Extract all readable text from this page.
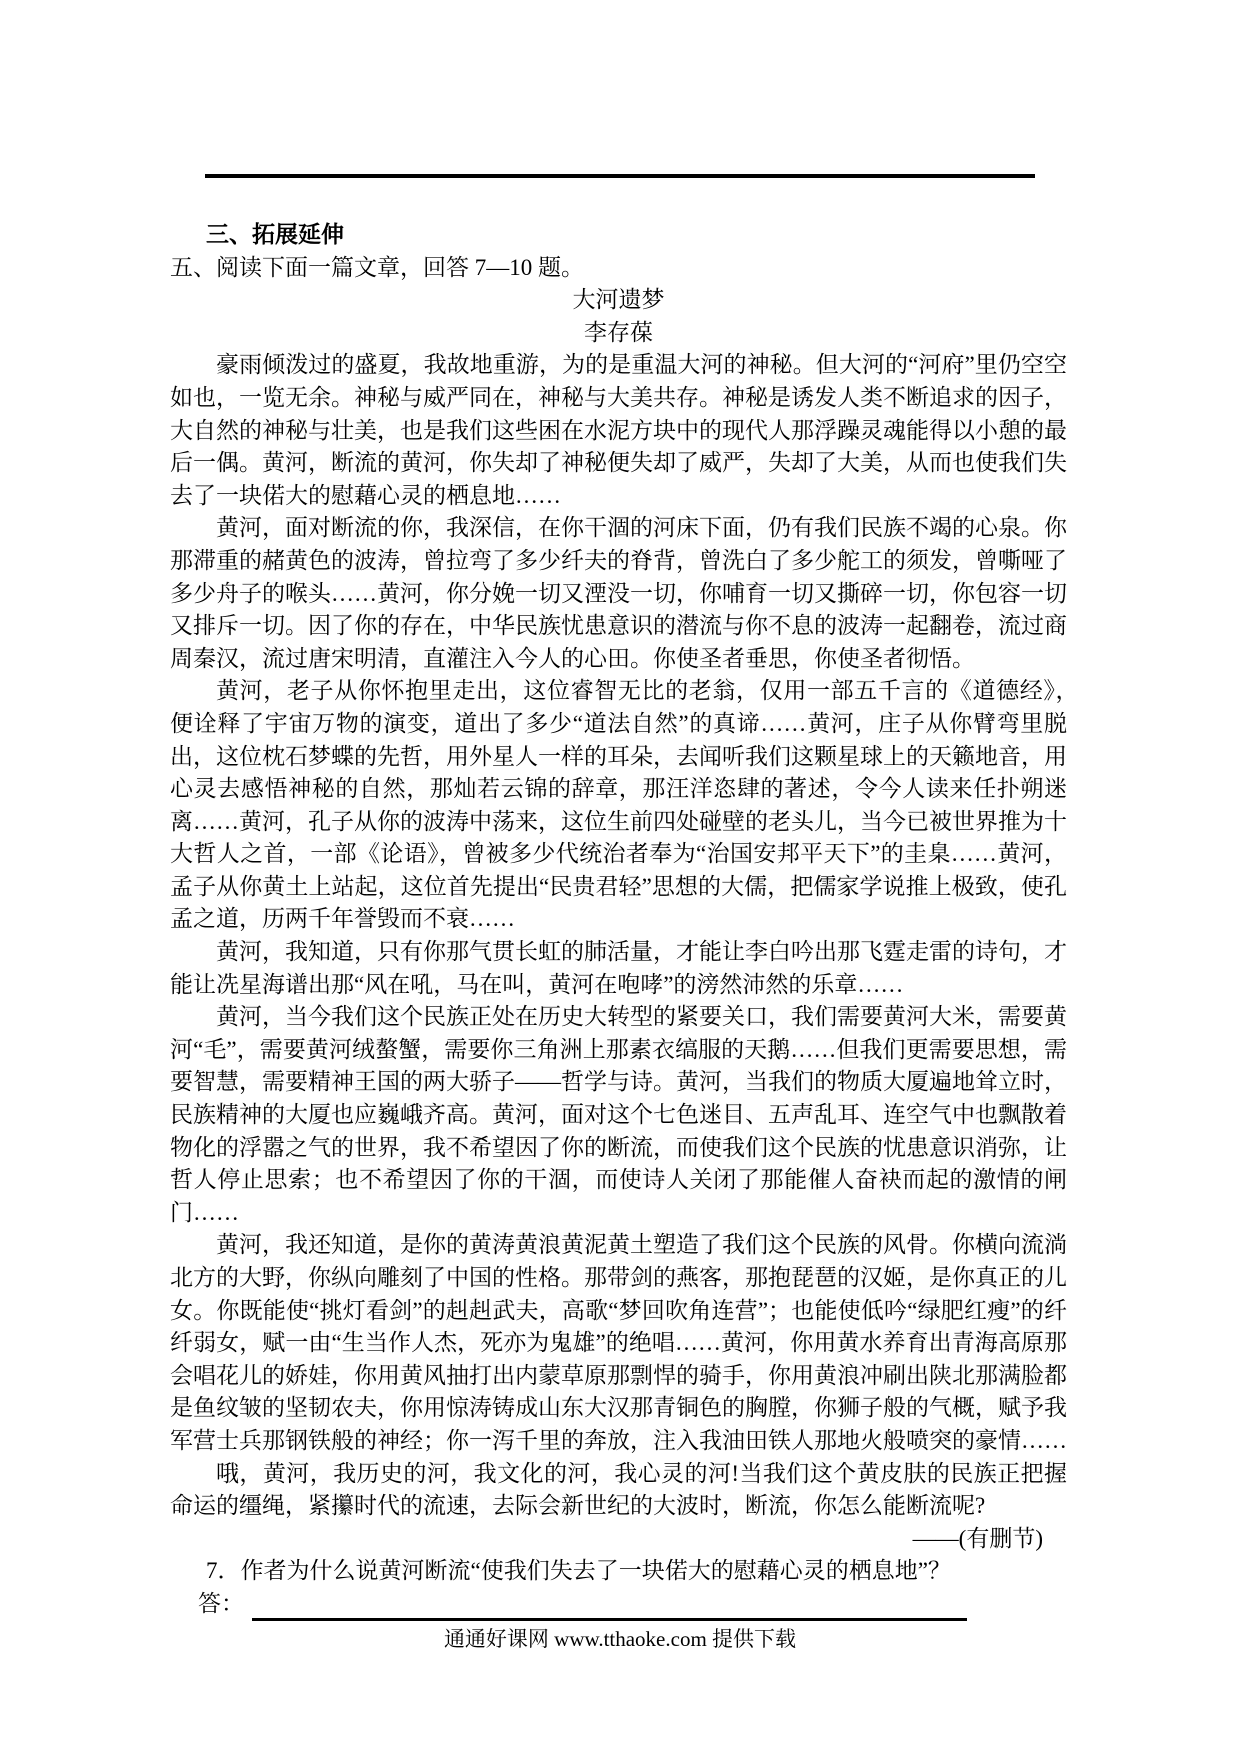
三、拓展延伸
五、阅读下面一篇文章，回答 7—10 题。
大河遗梦
李存葆

豪雨倾泼过的盛夏，我故地重游，为的是重温大河的神秘。但大河的“河府”里仍空空如也，一览无余。神秘与威严同在，神秘与大美共存。神秘是诱发人类不断追求的因子，大自然的神秘与壮美，也是我们这些困在水泥方块中的现代人那浮躁灵魂能得以小憩的最后一偶。黄河，断流的黄河，你失却了神秘便失却了威严，失却了大美，从而也使我们失去了一块偌大的慰藉心灵的栖息地……

黄河，面对断流的你，我深信，在你干涸的河床下面，仍有我们民族不竭的心泉。你那滞重的赭黄色的波涛，曾拉弯了多少纤夫的脊背，曾洗白了多少舵工的须发，曾嘶哑了多少舟子的喉头……黄河，你分娩一切又湮没一切，你哺育一切又撕碎一切，你包容一切又排斥一切。因了你的存在，中华民族忧患意识的潜流与你不息的波涛一起翻卷，流过商周秦汉，流过唐宋明清，直灌注入今人的心田。你使圣者垂思，你使圣者彻悟。

黄河，老子从你怀抱里走出，这位睿智无比的老翁，仅用一部五千言的《道德经》，　　便诠释了宇宙万物的演变，道出了多少“道法自然”的真谛……黄河，庄子从你臂弯里脱出，这位枕石梦蝶的先哲，用外星人一样的耳朵，去闻听我们这颗星球上的天籁地音，用心灵去感悟神秘的自然，那灿若云锦的辞章，那汪洋恣肆的著述，令今人读来任扑朔迷离……黄河，孔子从你的波涛中荡来，这位生前四处碰壁的老头儿，当今已被世界推为十大哲人之首，一部《论语》，曾被多少代统治者奉为“治国安邦平天下”的圭臬……黄河，孟子从你黄土上站起，这位首先提出“民贵君轻”思想的大儒，把儒家学说推上极致，使孔孟之道，历两千年誉毁而不衰……

黄河，我知道，只有你那气贯长虹的肺活量，才能让李白吟出那飞霆走雷的诗句，才能让冼星海谱出那“风在吼，马在叫，黄河在咆哮”的滂然沛然的乐章……

黄河，当今我们这个民族正处在历史大转型的紧要关口，我们需要黄河大米，需要黄河“毛”，需要黄河绒螯蟹，需要你三角洲上那素衣缟服的天鹅……但我们更需要思想，需要智慧，需要精神王国的两大骄子——哲学与诗。黄河，当我们的物质大厦遍地耸立时，民族精神的大厦也应巍峨齐高。黄河，面对这个七色迷目、五声乱耳、连空气中也飘散着物化的浮嚣之气的世界，我不希望因了你的断流，而使我们这个民族的忧患意识消弥，让哲人停止思索；也不希望因了你的干涸，而使诗人关闭了那能催人奋袂而起的激情的闸门……

黄河，我还知道，是你的黄涛黄浪黄泥黄土塑造了我们这个民族的风骨。你横向流淌北方的大野，你纵向雕刻了中国的性格。那带剑的燕客，那抱琵琶的汉姬，是你真正的儿女。你既能使“挑灯看剑”的赳赳武夫，高歌“梦回吹角连营”；也能使低吟“绿肥红瘦”的纤纤弱女，赋一由“生当作人杰，死亦为鬼雄”的绝唱……黄河，你用黄水养育出青海高原那会唱花儿的娇娃，你用黄风抽打出内蒙草原那剽悍的骑手，你用黄浪冲刷出陕北那满脸都是鱼纹皱的坚韧农夫，你用惊涛铸成山东大汉那青铜色的胸膛，你狮子般的气概，赋予我军营士兵那钢铁般的神经；你一泻千里的奔放，注入我油田铁人那地火般喷突的豪情……

哦，黄河，我历史的河，我文化的河，我心灵的河!当我们这个黄皮肤的民族正把握命运的缰绳，紧攥时代的流速，去际会新世纪的大波时，断流，你怎么能断流呢?

——(有删节)
7．作者为什么说黄河断流“使我们失去了一块偌大的慰藉心灵的栖息地”？
答：
通通好课网 www.tthaoke.com 提供下载
